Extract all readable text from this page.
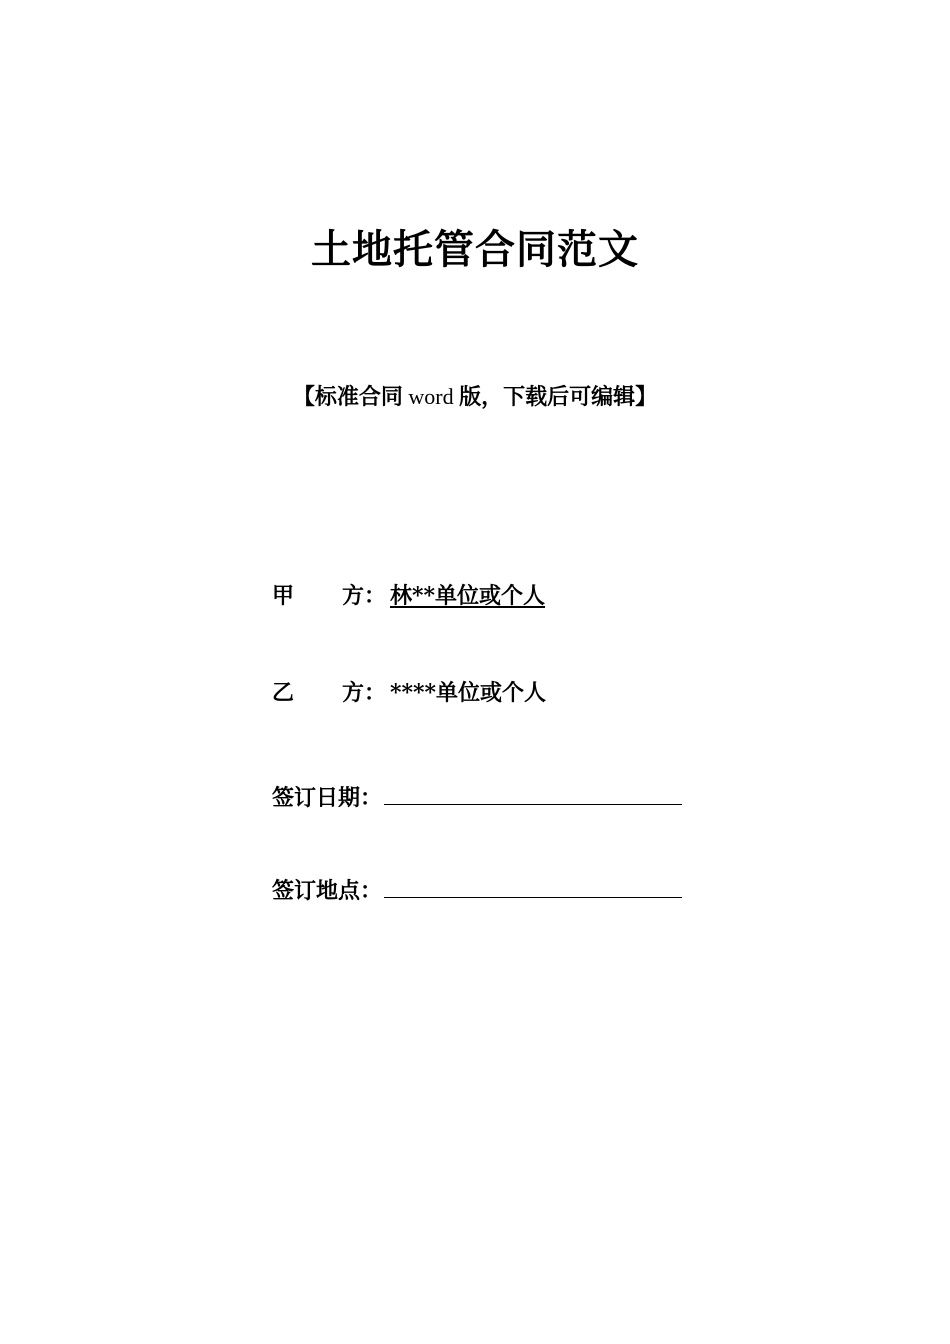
土地托管合同范文
【标准合同 word 版，下载后可编辑】
甲 方： 林**单位或个人
乙 方： ****单位或个人
签订日期：
签订地点：
